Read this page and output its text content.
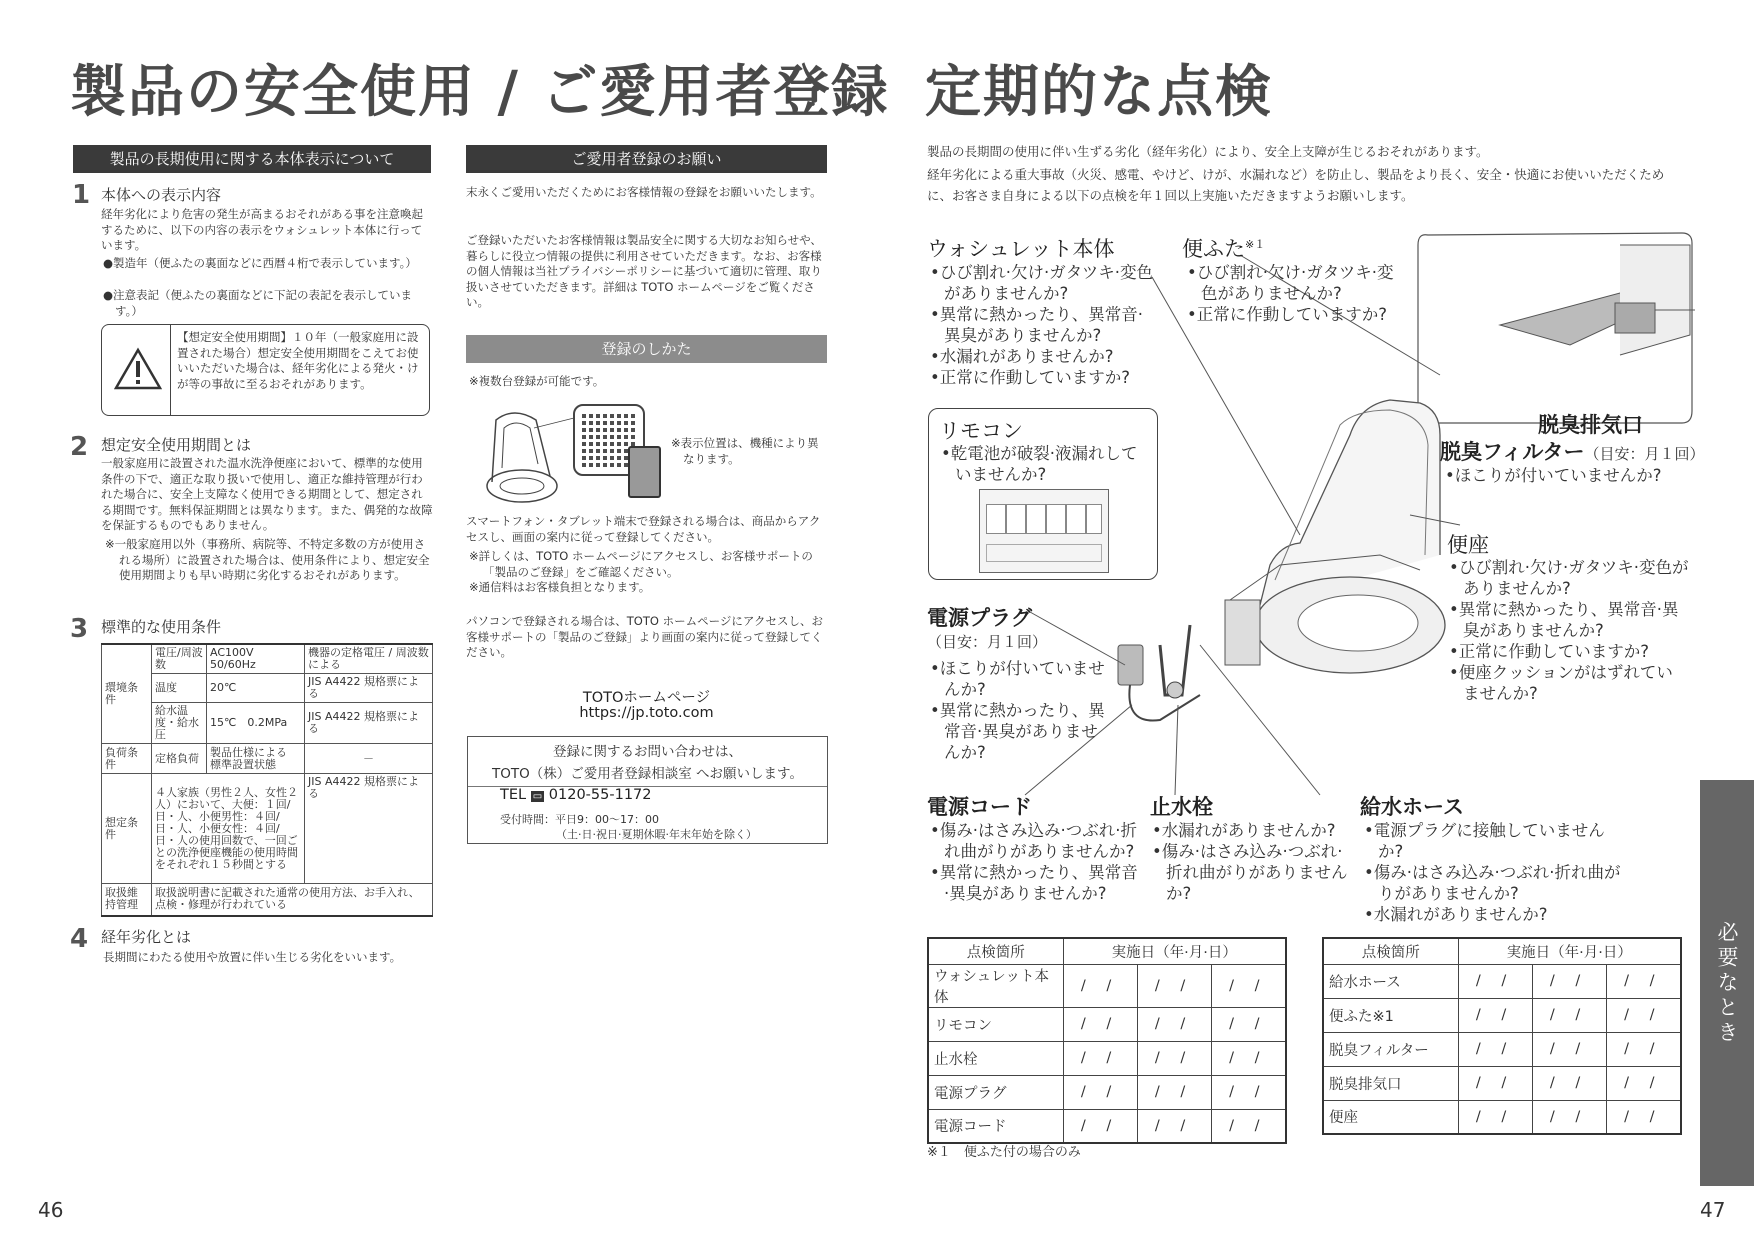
製品の安全使用 / ご愛用者登録
製品の長期使用に関する本体表示について
1 本体への表示内容
経年劣化により危害の発生が高まるおそれがある事を注意喚起するために、以下の内容の表示をウォシュレット本体に行っています。
●製造年（便ふたの裏面などに西暦４桁で表示しています。）
●注意表記（便ふたの裏面などに下記の表記を表示しています。）
【想定安全使用期間】１０年（一般家庭用に設置された場合）想定安全使用期間をこえてお使いいただいた場合は、経年劣化による発火・けが等の事故に至るおそれがあります。
2 想定安全使用期間とは
一般家庭用に設置された温水洗浄便座において、標準的な使用条件の下で、適正な取り扱いで使用し、適正な維持管理が行われた場合に、安全上支障なく使用できる期間として、想定される期間です。無料保証期間とは異なります。また、偶発的な故障を保証するものでもありません。
※一般家庭用以外（事務所、病院等、不特定多数の方が使用される場所）に設置された場合は、使用条件により、想定安全使用期間よりも早い時期に劣化するおそれがあります。
3 標準的な使用条件
環境条件	電圧/周波数	AC100V 50/60Hz	機器の定格電圧 / 周波数による
	温度	20℃	JIS A4422 規格票による
	給水温度・給水圧	15℃　0.2MPa	JIS A4422 規格票による
負荷条件	定格負荷	製品仕様による 標準設置状態	－
想定条件	４人家族（男性２人、女性２人）において、大便：１回/日・人、小便男性：４回/日・人、小便女性：４回/日・人の使用回数で、一回ごとの洗浄便座機能の使用時間をそれぞれ１５秒間とする		JIS A4422 規格票による
取扱維持管理	取扱説明書に記載された通常の使用方法、お手入れ、点検・修理が行われている		
4 経年劣化とは
長期間にわたる使用や放置に伴い生じる劣化をいいます。
46
ご愛用者登録のお願い
末永くご愛用いただくためにお客様情報の登録をお願いいたします。
ご登録いただいたお客様情報は製品安全に関する大切なお知らせや、暮らしに役立つ情報の提供に利用させていただきます。なお、お客様の個人情報は当社プライバシーポリシーに基づいて適切に管理、取り扱いさせていただきます。詳細は TOTO ホームページをご覧ください。
登録のしかた
※複数台登録が可能です。
※表示位置は、機種により異なります。
スマートフォン・タブレット端末で登録される場合は、商品からアクセスし、画面の案内に従って登録してください。
※詳しくは、TOTO ホームページにアクセスし、お客様サポートの「製品のご登録」をご確認ください。
※通信料はお客様負担となります。
パソコンで登録される場合は、TOTO ホームページにアクセスし、お客様サポートの「製品のご登録」より画面の案内に従って登録してください。
TOTOホームページ
https://jp.toto.com
登録に関するお問い合わせは、
TOTO（株）ご愛用者登録相談室 へお願いします。
TEL ▭ 0120-55-1172
受付時間：平日9：00～17：00
（土·日·祝日·夏期休暇·年末年始を除く）
定期的な点検
製品の長期間の使用に伴い生ずる劣化（経年劣化）により、安全上支障が生じるおそれがあります。
経年劣化による重大事故（火災、感電、やけど、けが、水漏れなど）を防止し、製品をより長く、安全・快適にお使いいただくために、お客さま自身による以下の点検を年１回以上実施いただきますようお願いします。
リモコン
•乾電池が破裂·液漏れしていませんか?
ウォシュレット本体
•ひび割れ·欠け·ガタツキ·変色がありませんか?
•異常に熱かったり、異常音·異臭がありませんか?
•水漏れがありませんか?
•正常に作動していますか?
便ふた$^{※1}$
•ひび割れ·欠け·ガタツキ·変色がありませんか?
•正常に作動していますか?
脱臭排気口
脱臭フィルター（目安：月１回）
•ほこりが付いていませんか?
便座
•ひび割れ·欠け·ガタツキ·変色がありませんか?
•異常に熱かったり、異常音·異臭がありませんか?
•正常に作動していますか?
•便座クッションがはずれていませんか?
電源プラグ
（目安：月１回）
•ほこりが付いていませんか?
•異常に熱かったり、異常音·異臭がありませんか?
電源コード
•傷み·はさみ込み·つぶれ·折れ曲がりがありませんか?
•異常に熱かったり、異常音·異臭がありませんか?
止水栓
•水漏れがありませんか?
•傷み·はさみ込み·つぶれ·折れ曲がりがありませんか?
給水ホース
•電源プラグに接触していませんか?
•傷み·はさみ込み·つぶれ·折れ曲がりがありませんか?
•水漏れがありませんか?
点検箇所	実施日（年·月·日）		
ウォシュレット本体	/ /	/ /	/ /
リモコン	/ /	/ /	/ /
止水栓	/ /	/ /	/ /
電源プラグ	/ /	/ /	/ /
電源コード	/ /	/ /	/ /
点検箇所	実施日（年·月·日）		
給水ホース	/ /	/ /	/ /
便ふた※1	/ /	/ /	/ /
脱臭フィルター	/ /	/ /	/ /
脱臭排気口	/ /	/ /	/ /
便座	/ /	/ /	/ /
※１　便ふた付の場合のみ
必要なとき
47
